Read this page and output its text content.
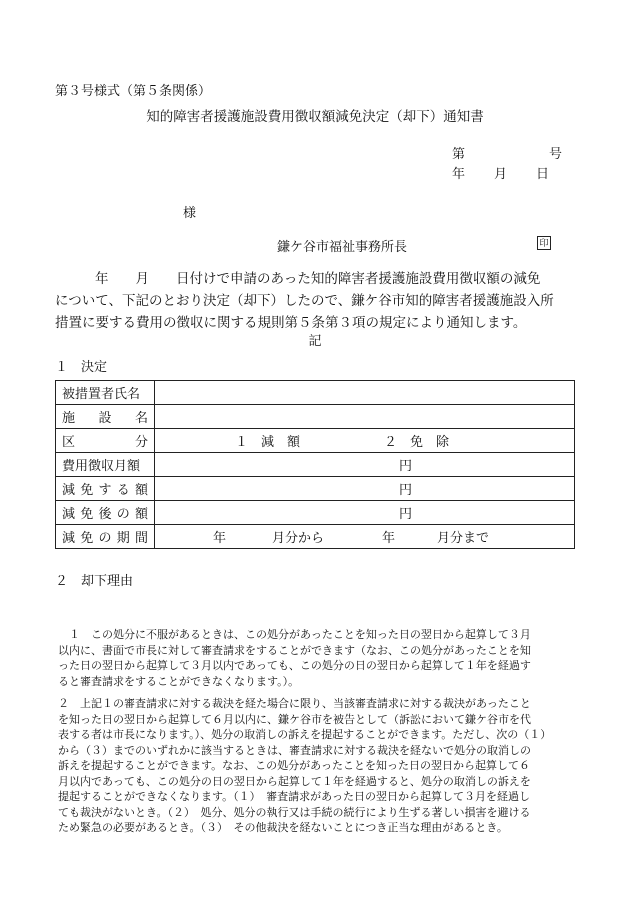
第３号様式（第５条関係）
知的障害者援護施設費用徴収額減免決定（却下）通知書
第	号
年 月 日
様
鎌ケ谷市福祉事務所長	印
年　　月　　日付けで申請のあった知的障害者援護施設費用徴収額の減免
について、下記のとおり決定（却下）したので、鎌ケ谷市知的障害者援護施設入所
措置に要する費用の徴収に関する規則第５条第３項の規定により通知します。
記
１　決定
被措置者氏名	

施 設 名	

区 分	１　減　額 ２　免　除
費用徴収月額	円

減 免 す る 額	円

減 免 後 の 額	円

減 免 の 期 間	年 月分から 年 月分まで
２　却下理由

１　この処分に不服があるときは、この処分があったことを知った日の翌日から起算して３月
以内に、書面で市長に対して審査請求をすることができます（なお、この処分があったことを知
った日の翌日から起算して３月以内であっても、この処分の日の翌日から起算して１年を経過す
ると審査請求をすることができなくなります。）。

２　上記１の審査請求に対する裁決を経た場合に限り、当該審査請求に対する裁決があったこと
を知った日の翌日から起算して６月以内に、鎌ケ谷市を被告として（訴訟において鎌ケ谷市を代
表する者は市長になります。）、処分の取消しの訴えを提起することができます。ただし、次の（１）
から（３）までのいずれかに該当するときは、審査請求に対する裁決を経ないで処分の取消しの
訴えを提起することができます。なお、この処分があったことを知った日の翌日から起算して６
月以内であっても、この処分の日の翌日から起算して１年を経過すると、処分の取消しの訴えを
提起することができなくなります。（１）　審査請求があった日の翌日から起算して３月を経過し
ても裁決がないとき。（２）　処分、処分の執行又は手続の続行により生ずる著しい損害を避ける
ため緊急の必要があるとき。（３）　その他裁決を経ないことにつき正当な理由があるとき。
